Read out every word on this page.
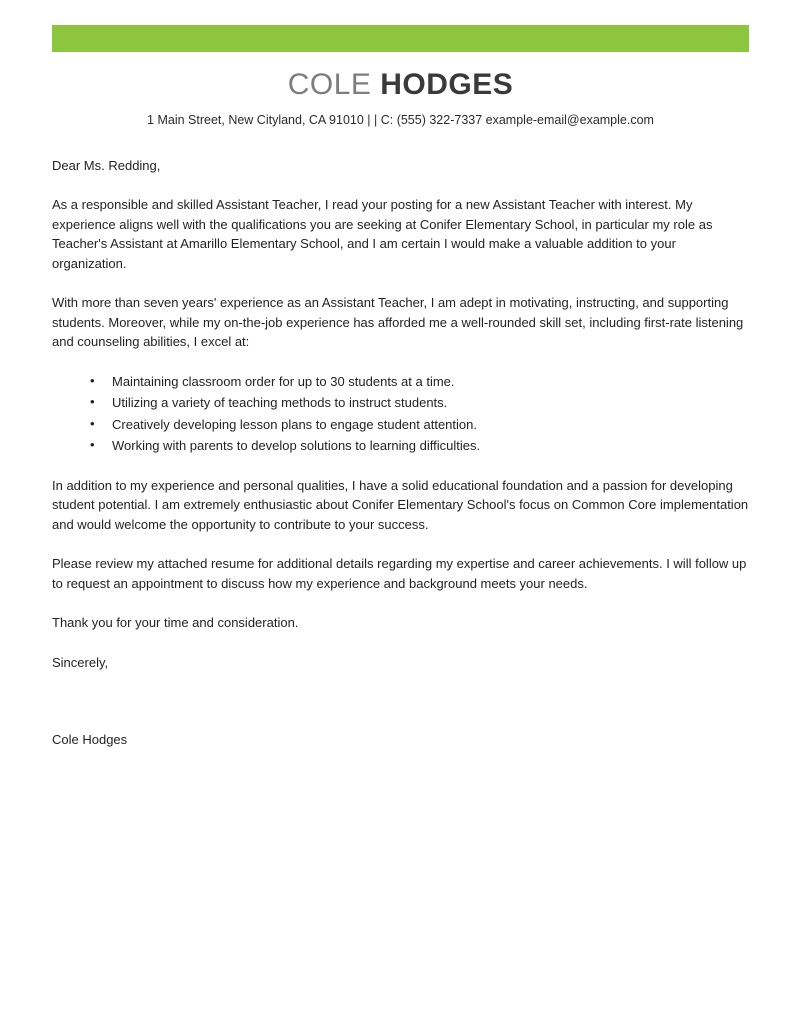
COLE HODGES
1 Main Street, New Cityland, CA 91010 | | C: (555) 322-7337 example-email@example.com
Dear Ms. Redding,

As a responsible and skilled Assistant Teacher, I read your posting for a new Assistant Teacher with interest. My experience aligns well with the qualifications you are seeking at Conifer Elementary School, in particular my role as Teacher's Assistant at Amarillo Elementary School, and I am certain I would make a valuable addition to your organization.

With more than seven years' experience as an Assistant Teacher, I am adept in motivating, instructing, and supporting students. Moreover, while my on-the-job experience has afforded me a well-rounded skill set, including first-rate listening and counseling abilities, I excel at:

• Maintaining classroom order for up to 30 students at a time.
• Utilizing a variety of teaching methods to instruct students.
• Creatively developing lesson plans to engage student attention.
• Working with parents to develop solutions to learning difficulties.

In addition to my experience and personal qualities, I have a solid educational foundation and a passion for developing student potential. I am extremely enthusiastic about Conifer Elementary School's focus on Common Core implementation and would welcome the opportunity to contribute to your success.

Please review my attached resume for additional details regarding my expertise and career achievements. I will follow up to request an appointment to discuss how my experience and background meets your needs.

Thank you for your time and consideration.
Sincerely,
Cole Hodges
